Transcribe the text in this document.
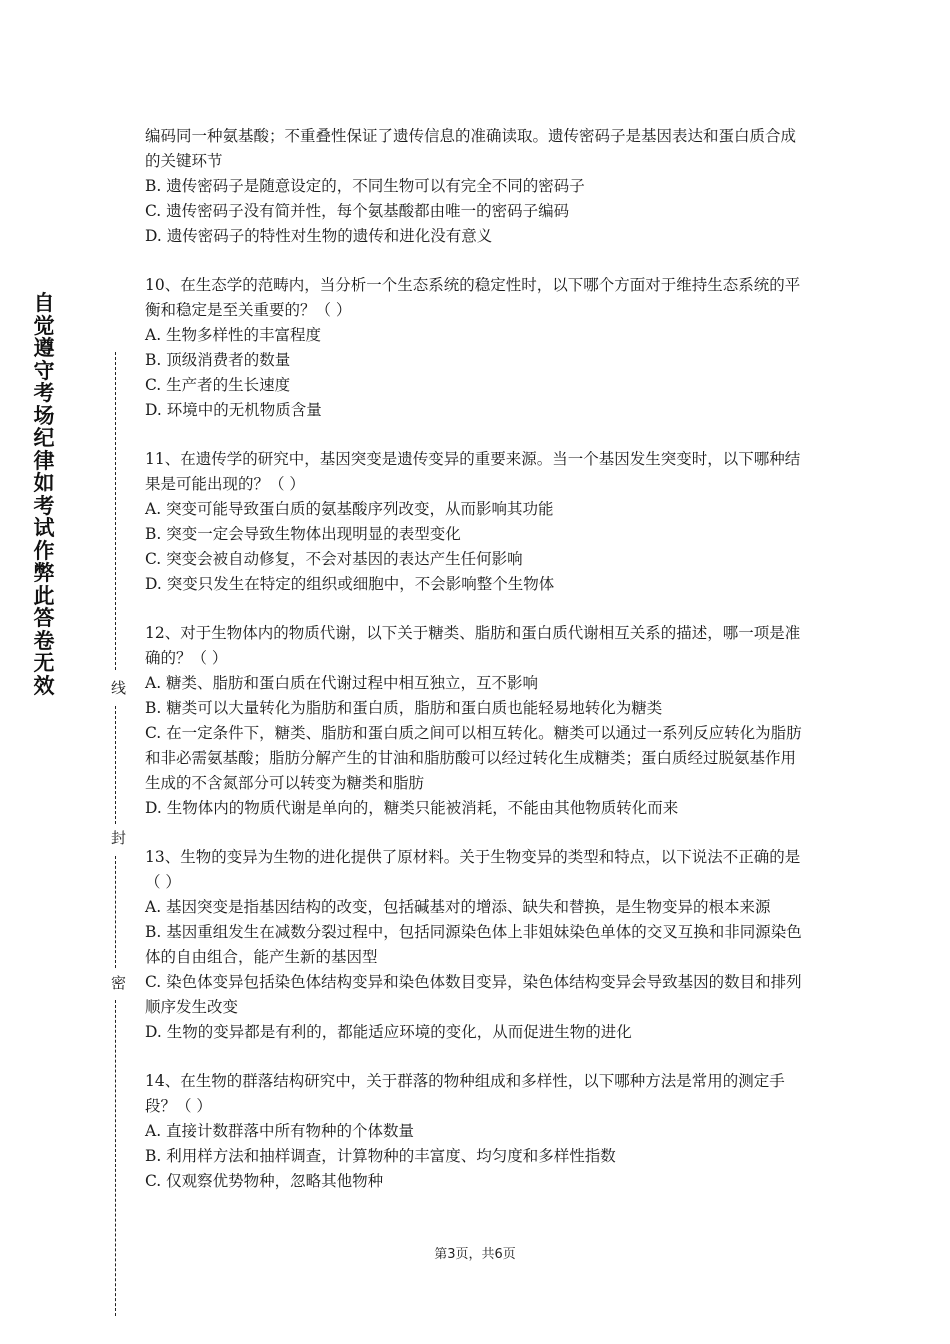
自觉遵守考场纪律如考试作弊此答卷无效	线
封
密

编码同一种氨基酸；不重叠性保证了遗传信息的准确读取。遗传密码子是基因表达和蛋白质合成的关键环节

B. 遗传密码子是随意设定的，不同生物可以有完全不同的密码子

C. 遗传密码子没有简并性，每个氨基酸都由唯一的密码子编码

D. 遗传密码子的特性对生物的遗传和进化没有意义

10、在生态学的范畴内，当分析一个生态系统的稳定性时，以下哪个方面对于维持生态系统的平衡和稳定是至关重要的？（ ）

A. 生物多样性的丰富程度

B. 顶级消费者的数量

C. 生产者的生长速度

D. 环境中的无机物质含量

11、在遗传学的研究中，基因突变是遗传变异的重要来源。当一个基因发生突变时，以下哪种结果是可能出现的？（ ）

A. 突变可能导致蛋白质的氨基酸序列改变，从而影响其功能

B. 突变一定会导致生物体出现明显的表型变化

C. 突变会被自动修复，不会对基因的表达产生任何影响

D. 突变只发生在特定的组织或细胞中，不会影响整个生物体

12、对于生物体内的物质代谢，以下关于糖类、脂肪和蛋白质代谢相互关系的描述，哪一项是准确的？（ ）

A. 糖类、脂肪和蛋白质在代谢过程中相互独立，互不影响

B. 糖类可以大量转化为脂肪和蛋白质，脂肪和蛋白质也能轻易地转化为糖类

C. 在一定条件下，糖类、脂肪和蛋白质之间可以相互转化。糖类可以通过一系列反应转化为脂肪和非必需氨基酸；脂肪分解产生的甘油和脂肪酸可以经过转化生成糖类；蛋白质经过脱氨基作用生成的不含氮部分可以转变为糖类和脂肪

D. 生物体内的物质代谢是单向的，糖类只能被消耗，不能由其他物质转化而来

13、生物的变异为生物的进化提供了原材料。关于生物变异的类型和特点，以下说法不正确的是（ ）

A. 基因突变是指基因结构的改变，包括碱基对的增添、缺失和替换，是生物变异的根本来源

B. 基因重组发生在减数分裂过程中，包括同源染色体上非姐妹染色单体的交叉互换和非同源染色体的自由组合，能产生新的基因型

C. 染色体变异包括染色体结构变异和染色体数目变异，染色体结构变异会导致基因的数目和排列顺序发生改变

D. 生物的变异都是有利的，都能适应环境的变化，从而促进生物的进化

14、在生物的群落结构研究中，关于群落的物种组成和多样性，以下哪种方法是常用的测定手段？（ ）

A. 直接计数群落中所有物种的个体数量

B. 利用样方法和抽样调查，计算物种的丰富度、均匀度和多样性指数

C. 仅观察优势物种，忽略其他物种

第3页，共6页
